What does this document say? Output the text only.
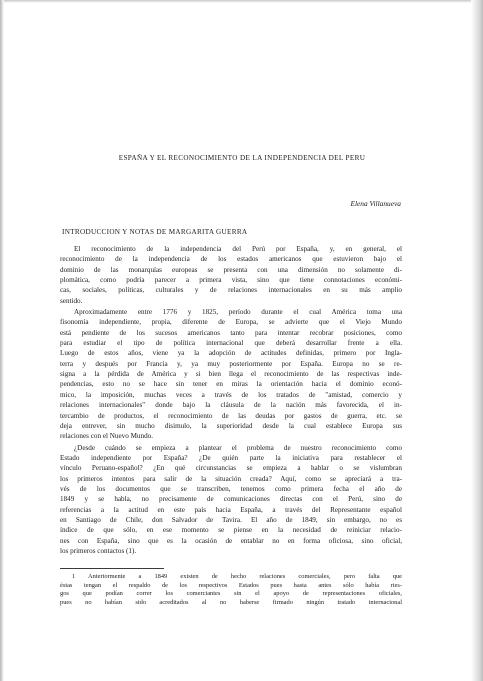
ESPAÑA Y EL RECONOCIMIENTO DE LA INDEPENDENCIA DEL PERU
Elena Villanueva
INTRODUCCION Y NOTAS DE MARGARITA GUERRA
El reconocimiento de la independencia del Perú por España, y, en general, el
reconocimiento de la independencia de los estados americanos que estuvieron bajo el
dominio de las monarquías europeas se presenta con una dimensión no solamente di-
plomática, como podría parecer a primera vista, sino que tiene connotaciones económi-
cas, sociales, políticas, culturales y de relaciones internacionales en su más amplio
sentido.
Aproximadamente entre 1776 y 1825, período durante el cual América toma una
fisonomía independiente, propia, diferente de Europa, se advierte que el Viejo Mundo
está pendiente de los sucesos americanos tanto para intentar recobrar posiciones, como
para estudiar el tipo de política internacional que deberá desarrollar frente a ella.
Luego de estos años, viene ya la adopción de actitudes definidas, primero por Ingla-
terra y después por Francia y, ya muy posteriormente por España. Europa no se re-
signa a la pérdida de América y si bien llega el reconocimiento de las respectivas inde-
pendencias, esto no se hace sin tener en miras la orientación hacia el dominio econó-
mico, la imposición, muchas veces a través de los tratados de "amistad, comercio y
relaciones internacionales" donde bajo la cláusula de la nación más favorecida, el in-
tercambio de productos, el reconocimiento de las deudas por gastos de guerra, etc. se
deja entrever, sin mucho disimulo, la superioridad desde la cual establece Europa sus
relaciones con el Nuevo Mundo.
¿Desde cuándo se empieza a plantear el problema de nuestro reconocimiento como
Estado independiente por España? ¿De quién parte la iniciativa para restablecer el
vínculo Peruano-español? ¿En qué circunstancias se empieza a hablar o se vislumbran
los primeros intentos para salir de la situación creada? Aquí, como se apreciará a tra-
vés de los documentos que se transcriben, tenemos como primera fecha el año de
1849 y se habla, no precisamente de comunicaciones directas con el Perú, sino de
referencias a la actitud en este país hacia España, a través del Representante español
en Santiago de Chile, don Salvador de Tavira. El año de 1849, sin embargo, no es
índice de que sólo, en ese momento se piense en la necesidad de reiniciar relacio-
nes con España, sino que es la ocasión de entablar no en forma oficiosa, sino oficial,
los primeros contactos (1).
1 Anteriormente a 1849 existen de hecho relaciones comerciales, pero falta que
éstas tengan el respaldo de los respectivos Estados pues hasta antes sólo había ries-
gos que podían correr los comerciantes sin el apoyo de representaciones oficiales,
pues no habían sido acreditados al no haberse firmado ningún tratado internacional
